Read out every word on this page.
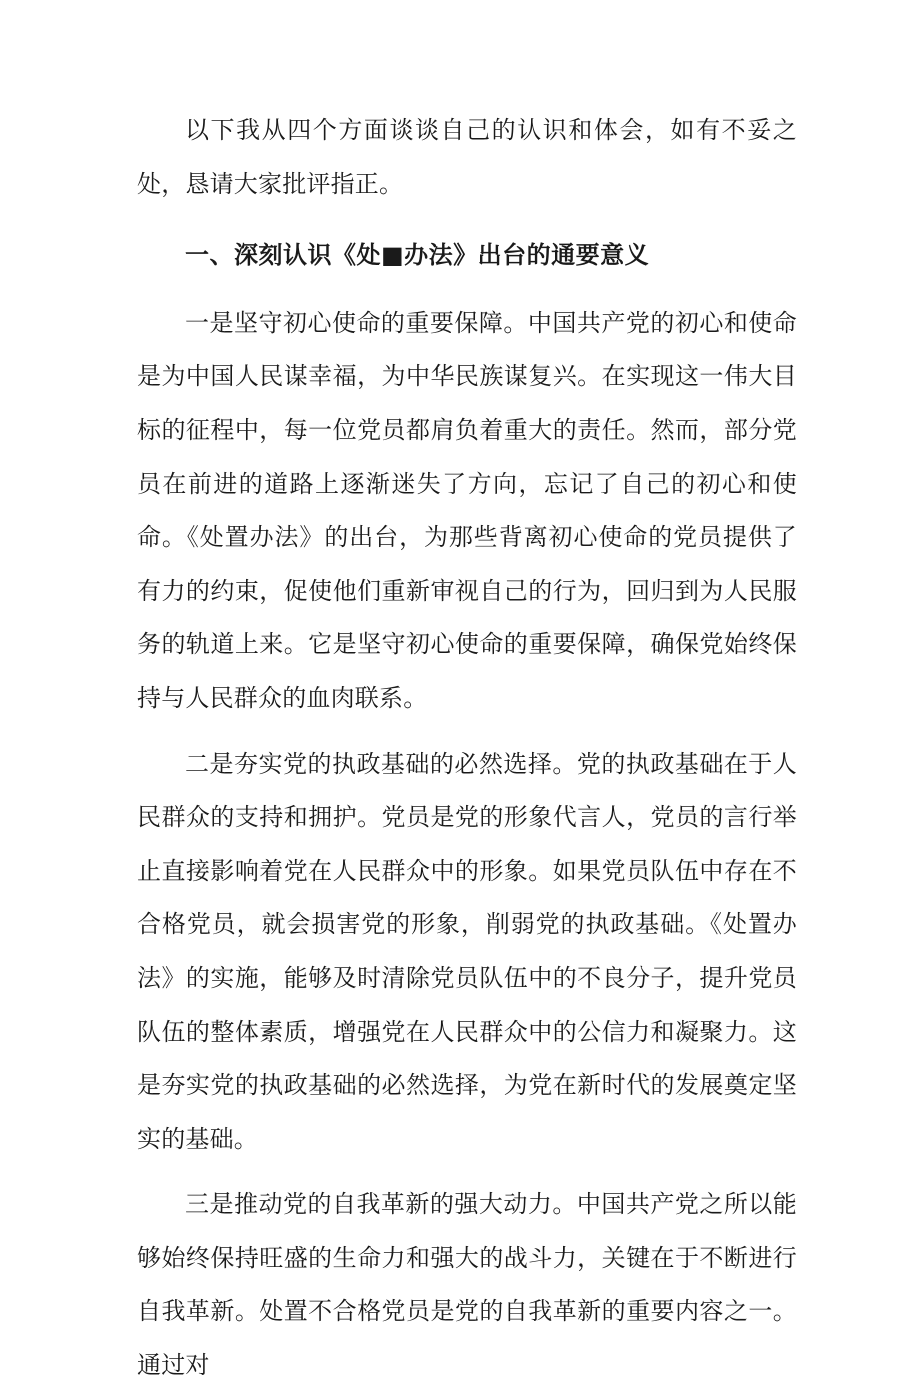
以下我从四个方面谈谈自己的认识和体会，如有不妥之处，恳请大家批评指正。

一、深刻认识《处■办法》出台的通要意义

一是坚守初心使命的重要保障。中国共产党的初心和使命是为中国人民谋幸福，为中华民族谋复兴。在实现这一伟大目标的征程中，每一位党员都肩负着重大的责任。然而，部分党员在前进的道路上逐渐迷失了方向，忘记了自己的初心和使命。《处置办法》的出台，为那些背离初心使命的党员提供了有力的约束，促使他们重新审视自己的行为，回归到为人民服务的轨道上来。它是坚守初心使命的重要保障，确保党始终保持与人民群众的血肉联系。

二是夯实党的执政基础的必然选择。党的执政基础在于人民群众的支持和拥护。党员是党的形象代言人，党员的言行举止直接影响着党在人民群众中的形象。如果党员队伍中存在不合格党员，就会损害党的形象，削弱党的执政基础。《处置办法》的实施，能够及时清除党员队伍中的不良分子，提升党员队伍的整体素质，增强党在人民群众中的公信力和凝聚力。这是夯实党的执政基础的必然选择，为党在新时代的发展奠定坚实的基础。

三是推动党的自我革新的强大动力。中国共产党之所以能够始终保持旺盛的生命力和强大的战斗力，关键在于不断进行自我革新。处置不合格党员是党的自我革新的重要内容之一。通过对
